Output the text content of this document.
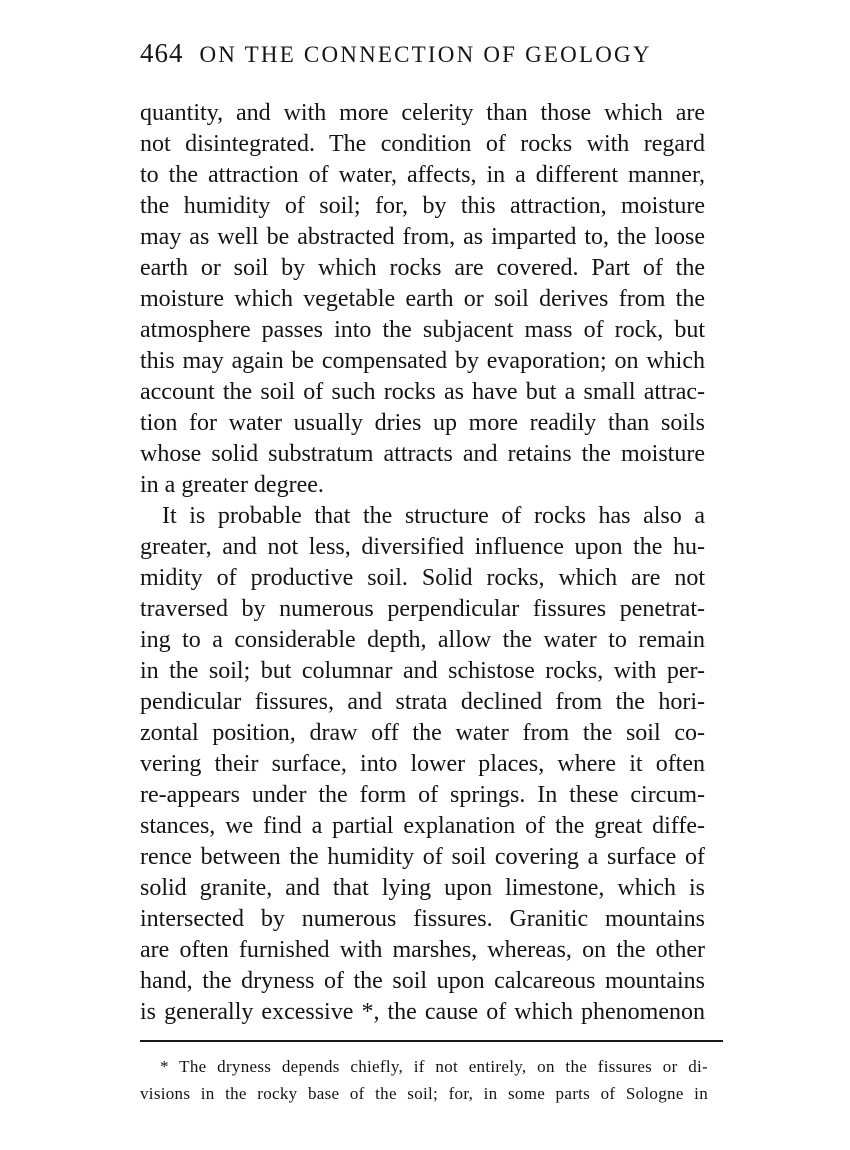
464 ON THE CONNECTION OF GEOLOGY
quantity, and with more celerity than those which are
not disintegrated. The condition of rocks with regard
to the attraction of water, affects, in a different manner,
the humidity of soil; for, by this attraction, moisture
may as well be abstracted from, as imparted to, the loose
earth or soil by which rocks are covered. Part of the
moisture which vegetable earth or soil derives from the
atmosphere passes into the subjacent mass of rock, but
this may again be compensated by evaporation; on which
account the soil of such rocks as have but a small attrac-
tion for water usually dries up more readily than soils
whose solid substratum attracts and retains the moisture
in a greater degree.
It is probable that the structure of rocks has also a
greater, and not less, diversified influence upon the hu-
midity of productive soil. Solid rocks, which are not
traversed by numerous perpendicular fissures penetrat-
ing to a considerable depth, allow the water to remain
in the soil; but columnar and schistose rocks, with per-
pendicular fissures, and strata declined from the hori-
zontal position, draw off the water from the soil co-
vering their surface, into lower places, where it often
re-appears under the form of springs. In these circum-
stances, we find a partial explanation of the great diffe-
rence between the humidity of soil covering a surface of
solid granite, and that lying upon limestone, which is
intersected by numerous fissures. Granitic mountains
are often furnished with marshes, whereas, on the other
hand, the dryness of the soil upon calcareous mountains
is generally excessive *, the cause of which phenomenon
* The dryness depends chiefly, if not entirely, on the fissures or di-
visions in the rocky base of the soil; for, in some parts of Sologne in
